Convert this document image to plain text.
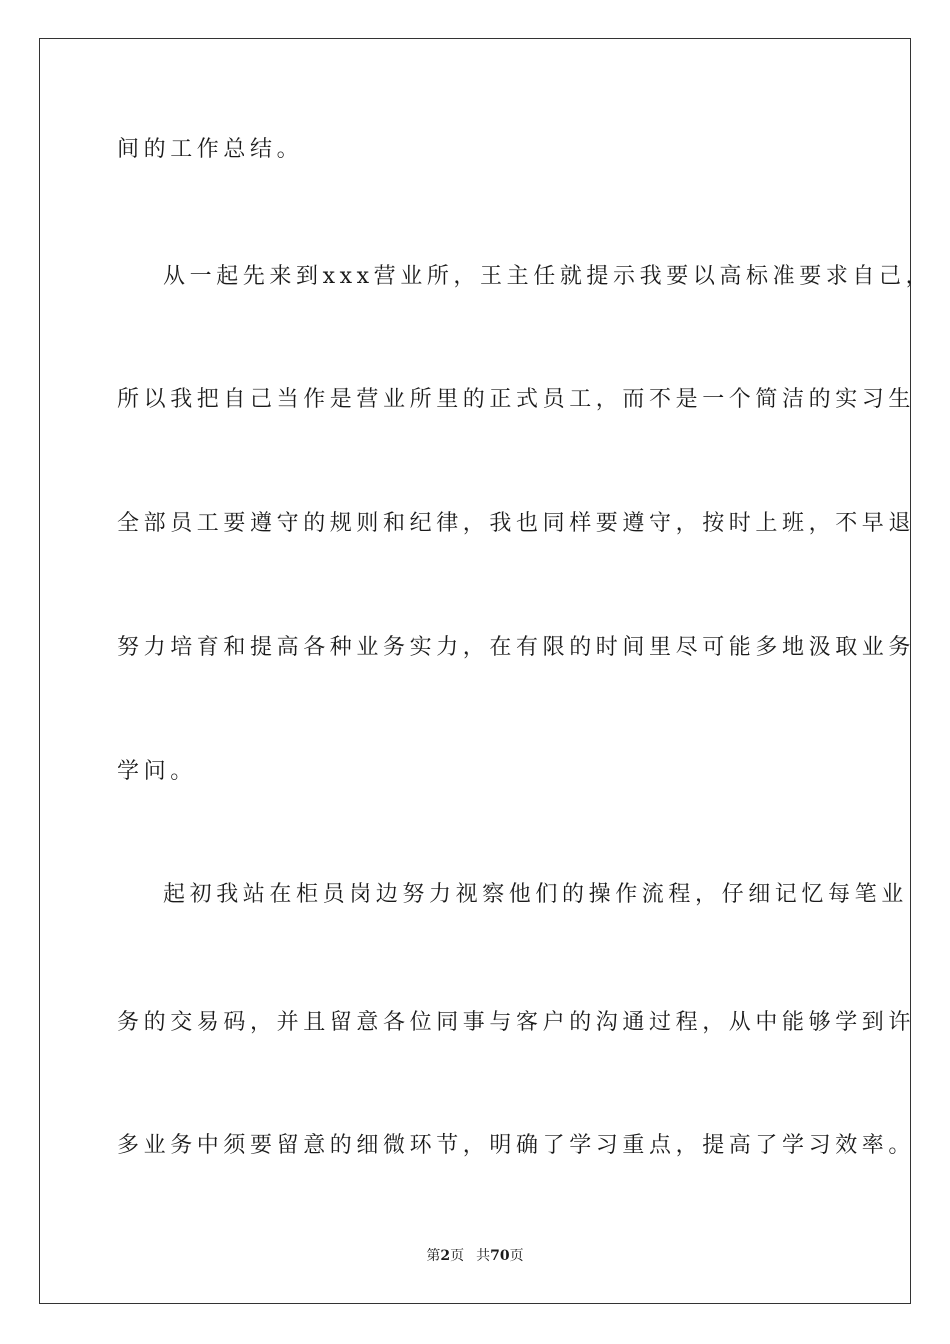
间的工作总结。
从一起先来到xxx营业所，王主任就提示我要以高标准要求自己，
所以我把自己当作是营业所里的正式员工，而不是一个简洁的实习生
全部员工要遵守的规则和纪律，我也同样要遵守，按时上班，不早退
努力培育和提高各种业务实力，在有限的时间里尽可能多地汲取业务
学问。
起初我站在柜员岗边努力视察他们的操作流程，仔细记忆每笔业
务的交易码，并且留意各位同事与客户的沟通过程，从中能够学到许
多业务中须要留意的细微环节，明确了学习重点，提高了学习效率。
第2页 共70页
